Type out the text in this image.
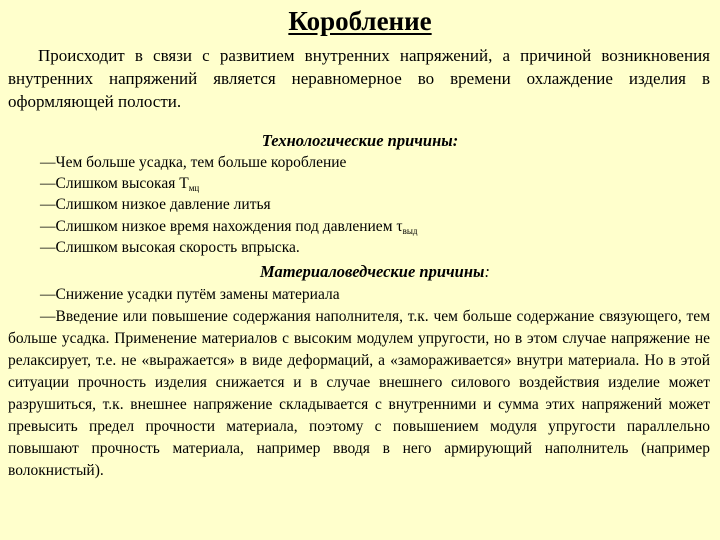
Коробление

Происходит в связи с развитием внутренних напряжений, а причиной возникновения внутренних напряжений является неравномерное во времени охлаждение изделия в оформляющей полости.

Технологические причины:

—Чем больше усадка, тем больше коробление
—Слишком высокая $T_{мц}$
—Слишком низкое давление литья
—Слишком низкое время нахождения под давлением $\tau_{выд}$
—Слишком высокая скорость впрыска.

Материаловедческие причины:

—Снижение усадки путём замены материала
—Введение или повышение содержания наполнителя, т.к. чем больше содержание связующего, тем больше усадка. Применение материалов с высоким модулем упругости, но в этом случае напряжение не релаксирует, т.е. не «выражается» в виде деформаций, а «замораживается» внутри материала. Но в этой ситуации прочность изделия снижается и в случае внешнего силового воздействия изделие может разрушиться, т.к. внешнее напряжение складывается с внутренними и сумма этих напряжений может превысить предел прочности материала, поэтому с повышением модуля упругости параллельно повышают прочность материала, например вводя в него армирующий наполнитель (например волокнистый).
